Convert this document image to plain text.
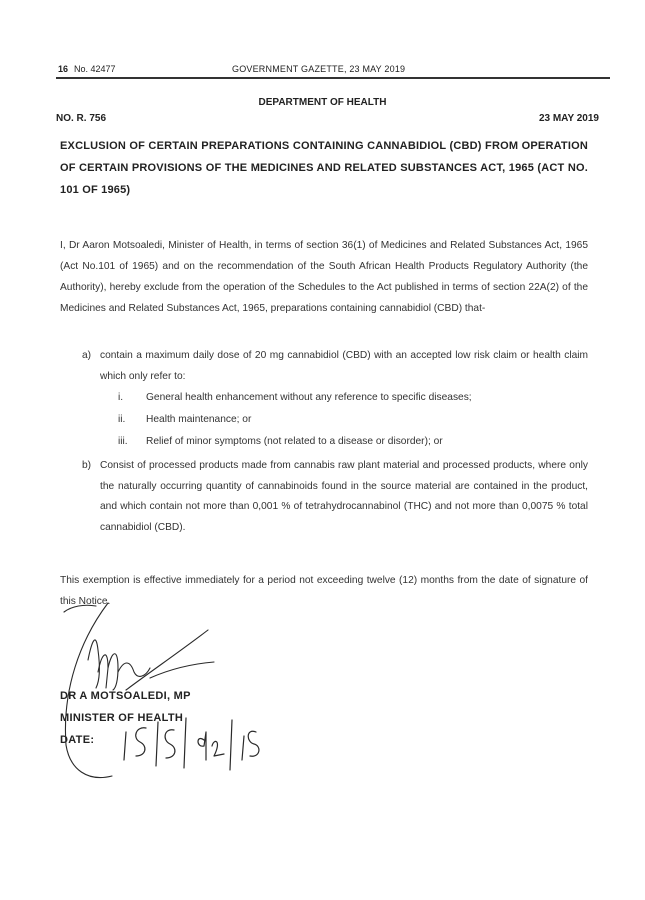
16 No. 42477	GOVERNMENT GAZETTE, 23 MAY 2019
DEPARTMENT OF HEALTH
NO. R. 756	23 MAY 2019
EXCLUSION OF CERTAIN PREPARATIONS CONTAINING CANNABIDIOL (CBD) FROM OPERATION OF CERTAIN PROVISIONS OF THE MEDICINES AND RELATED SUBSTANCES ACT, 1965 (ACT NO. 101 OF 1965)
I, Dr Aaron Motsoaledi, Minister of Health, in terms of section 36(1) of Medicines and Related Substances Act, 1965 (Act No.101 of 1965) and on the recommendation of the South African Health Products Regulatory Authority (the Authority), hereby exclude from the operation of the Schedules to the Act published in terms of section 22A(2) of the Medicines and Related Substances Act, 1965, preparations containing cannabidiol (CBD) that-
a) contain a maximum daily dose of 20 mg cannabidiol (CBD) with an accepted low risk claim or health claim which only refer to:
i. General health enhancement without any reference to specific diseases;
ii. Health maintenance; or
iii. Relief of minor symptoms (not related to a disease or disorder); or
b) Consist of processed products made from cannabis raw plant material and processed products, where only the naturally occurring quantity of cannabinoids found in the source material are contained in the product, and which contain not more than 0,001 % of tetrahydrocannabinol (THC) and not more than 0,0075 % total cannabidiol (CBD).
This exemption is effective immediately for a period not exceeding twelve (12) months from the date of signature of this Notice.
DR A MOTSOALEDI, MP
MINISTER OF HEALTH
DATE:
